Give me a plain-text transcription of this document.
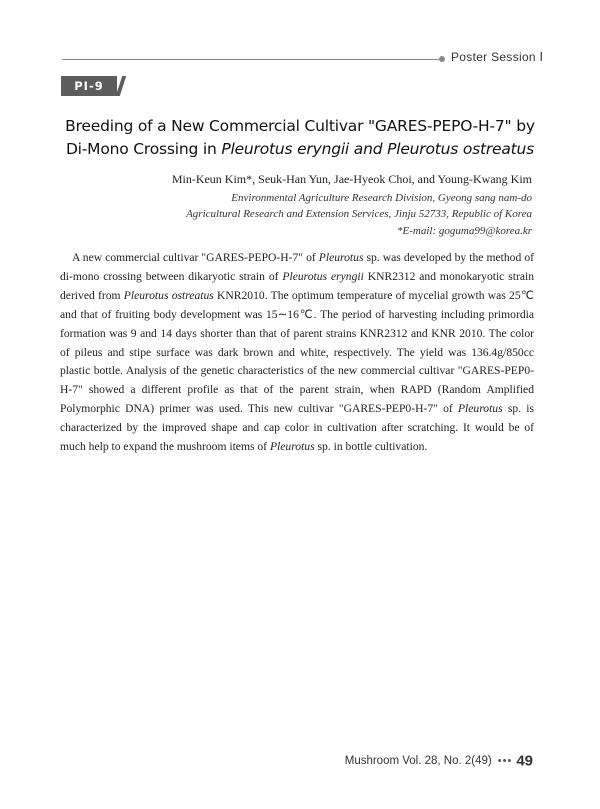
Poster Session Ⅰ
PⅠ-9
Breeding of a New Commercial Cultivar "GARES-PEPO-H-7" by
Di-Mono Crossing in Pleurotus eryngii and Pleurotus ostreatus
Min-Keun Kim*, Seuk-Han Yun, Jae-Hyeok Choi, and Young-Kwang Kim
Environmental Agriculture Research Division, Gyeong sang nam-do
Agricultural Research and Extension Services, Jinju 52733, Republic of Korea
*E-mail: goguma99@korea.kr

A new commercial cultivar "GARES-PEPO-H-7" of Pleurotus sp. was developed by the method of di-mono crossing between dikaryotic strain of Pleurotus eryngii KNR2312 and monokaryotic strain derived from Pleurotus ostreatus KNR2010. The optimum temperature of mycelial growth was 25℃ and that of fruiting body development was 15∼16℃. The period of harvesting including primordia formation was 9 and 14 days shorter than that of parent strains KNR2312 and KNR 2010. The color of pileus and stipe surface was dark brown and white, respectively. The yield was 136.4g/850cc plastic bottle. Analysis of the genetic characteristics of the new commercial cultivar "GARES-PEP0-H-7" showed a different profile as that of the parent strain, when RAPD (Random Amplified Polymorphic DNA) primer was used. This new cultivar "GARES-PEP0-H-7" of Pleurotus sp. is characterized by the improved shape and cap color in cultivation after scratching. It would be of much help to expand the mushroom items of Pleurotus sp. in bottle cultivation.

Mushroom Vol. 28, No. 2(49) ••• 49
